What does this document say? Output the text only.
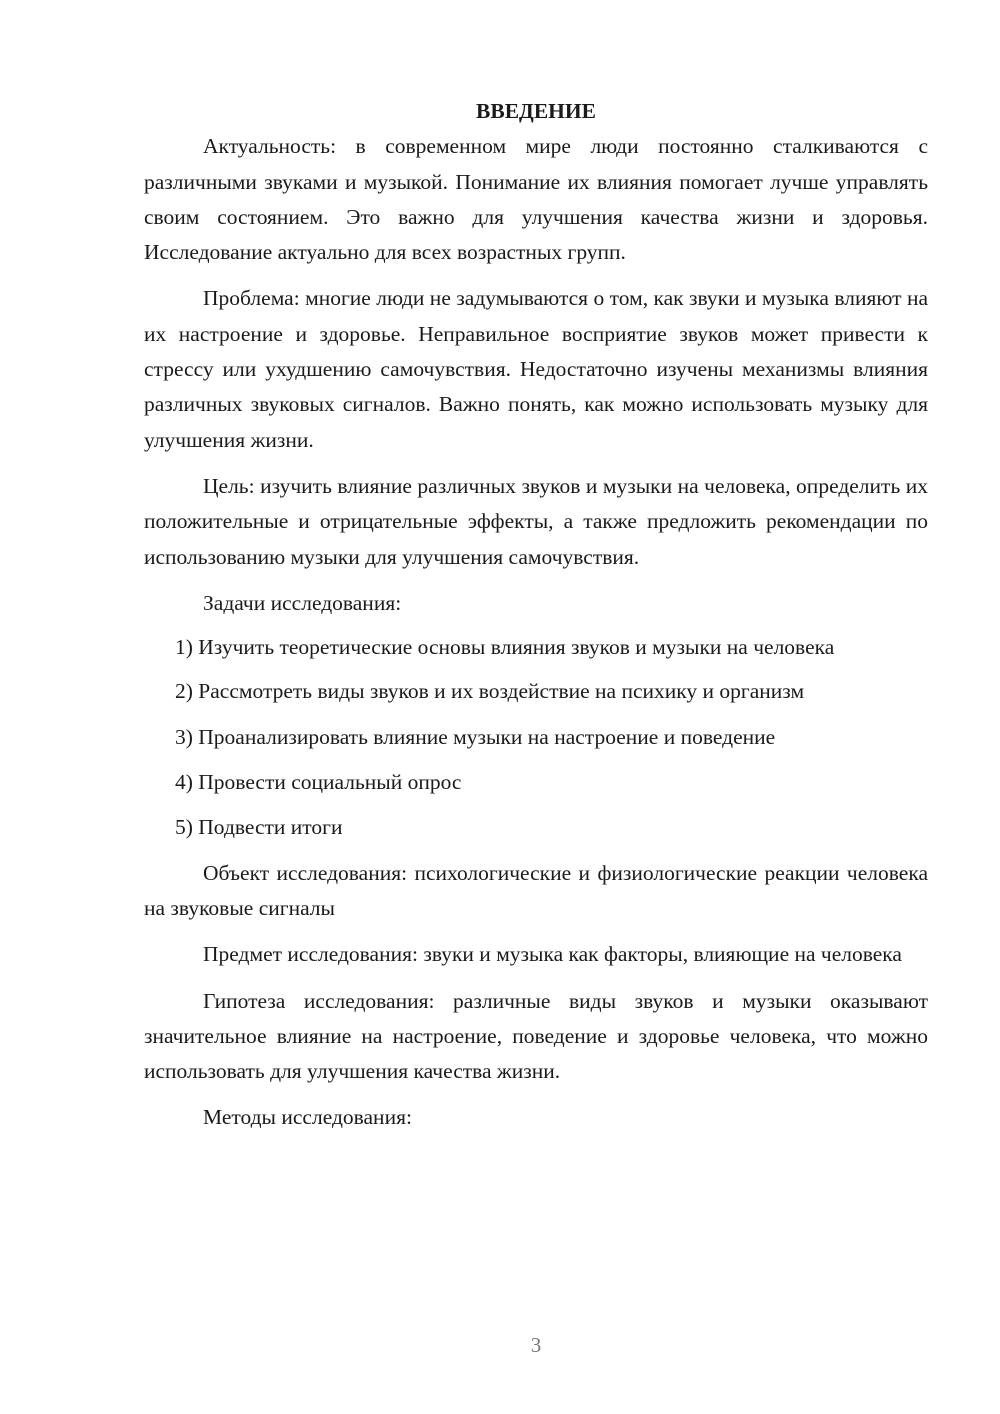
ВВЕДЕНИЕ

Актуальность: в современном мире люди постоянно сталкиваются с различными звуками и музыкой. Понимание их влияния помогает лучше управлять своим состоянием. Это важно для улучшения качества жизни и здоровья. Исследование актуально для всех возрастных групп.

Проблема: многие люди не задумываются о том, как звуки и музыка влияют на их настроение и здоровье. Неправильное восприятие звуков может привести к стрессу или ухудшению самочувствия. Недостаточно изучены механизмы влияния различных звуковых сигналов. Важно понять, как можно использовать музыку для улучшения жизни.

Цель: изучить влияние различных звуков и музыки на человека, определить их положительные и отрицательные эффекты, а также предложить рекомендации по использованию музыки для улучшения самочувствия.

Задачи исследования:

1) Изучить теоретические основы влияния звуков и музыки на человека
2) Рассмотреть виды звуков и их воздействие на психику и организм
3) Проанализировать влияние музыки на настроение и поведение
4) Провести социальный опрос
5) Подвести итоги

Объект исследования: психологические и физиологические реакции человека на звуковые сигналы

Предмет исследования: звуки и музыка как факторы, влияющие на человека

Гипотеза исследования: различные виды звуков и музыки оказывают значительное влияние на настроение, поведение и здоровье человека, что можно использовать для улучшения качества жизни.

Методы исследования:

3
